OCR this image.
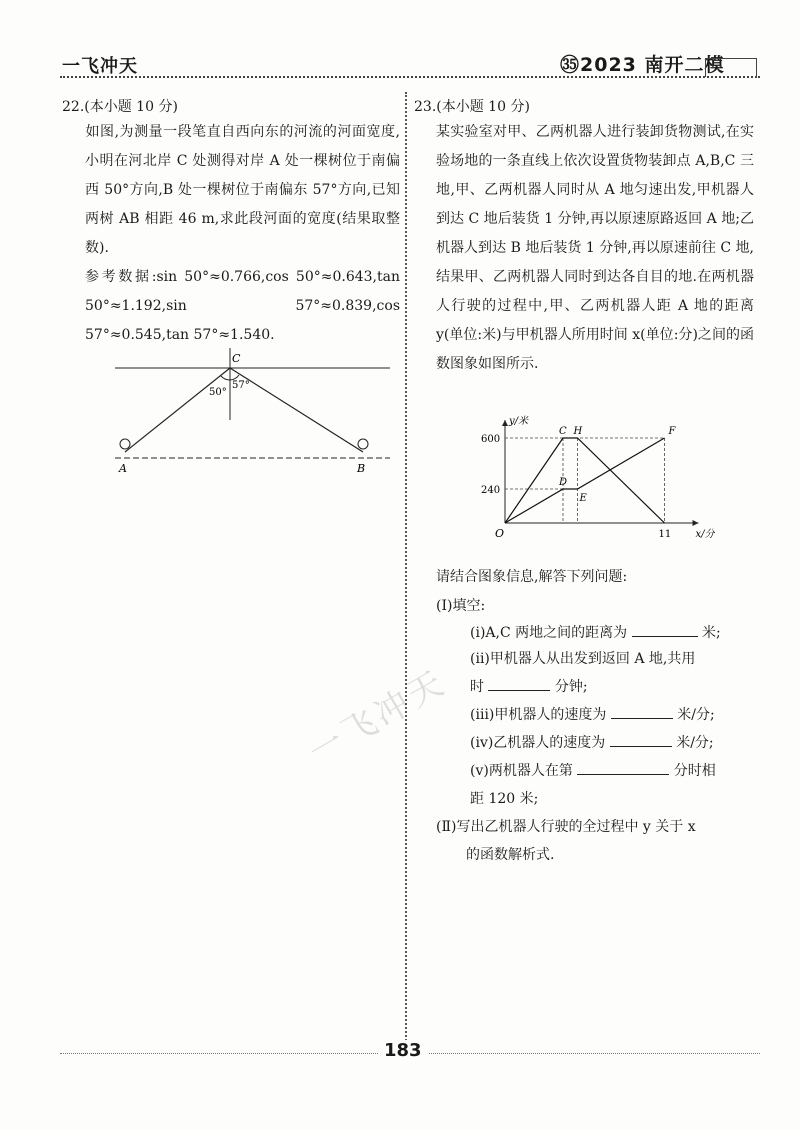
一飞冲天	㉟2023 南开二模
22.(本小题 10 分)
如图,为测量一段笔直自西向东的河流的河面宽度,小明在河北岸 C 处测得对岸 A 处一棵树位于南偏西 50°方向,B 处一棵树位于南偏东 57°方向,已知两树 AB 相距 46 m,求此段河面的宽度(结果取整数).
参考数据:sin 50°≈0.766,cos 50°≈0.643,tan 50°≈1.192,sin 57°≈0.839,cos 57°≈0.545,tan 57°≈1.540.
A	B
C
50°
57°
23.(本小题 10 分)
某实验室对甲、乙两机器人进行装卸货物测试,在实验场地的一条直线上依次设置货物装卸点 A,B,C 三地,甲、乙两机器人同时从 A 地匀速出发,甲机器人到达 C 地后装货 1 分钟,再以原速原路返回 A 地;乙机器人到达 B 地后装货 1 分钟,再以原速前往 C 地,结果甲、乙两机器人同时到达各自目的地.在两机器人行驶的过程中,甲、乙两机器人距 A 地的距离 y(单位:米)与甲机器人所用时间 x(单位:分)之间的函数图象如图所示.
x/分
y/米
O
240
600
11
C H	F
D
E
请结合图象信息,解答下列问题:
(Ⅰ)填空:
(ⅰ)A,C 两地之间的距离为	米;
(ⅱ)甲机器人从出发到返回 A 地,共用
时	分钟;
(ⅲ)甲机器人的速度为	米/分;
(ⅳ)乙机器人的速度为	米/分;
(ⅴ)两机器人在第	分时相
距 120 米;
(Ⅱ)写出乙机器人行驶的全过程中 y 关于 x
的函数解析式.
一飞冲天
183
